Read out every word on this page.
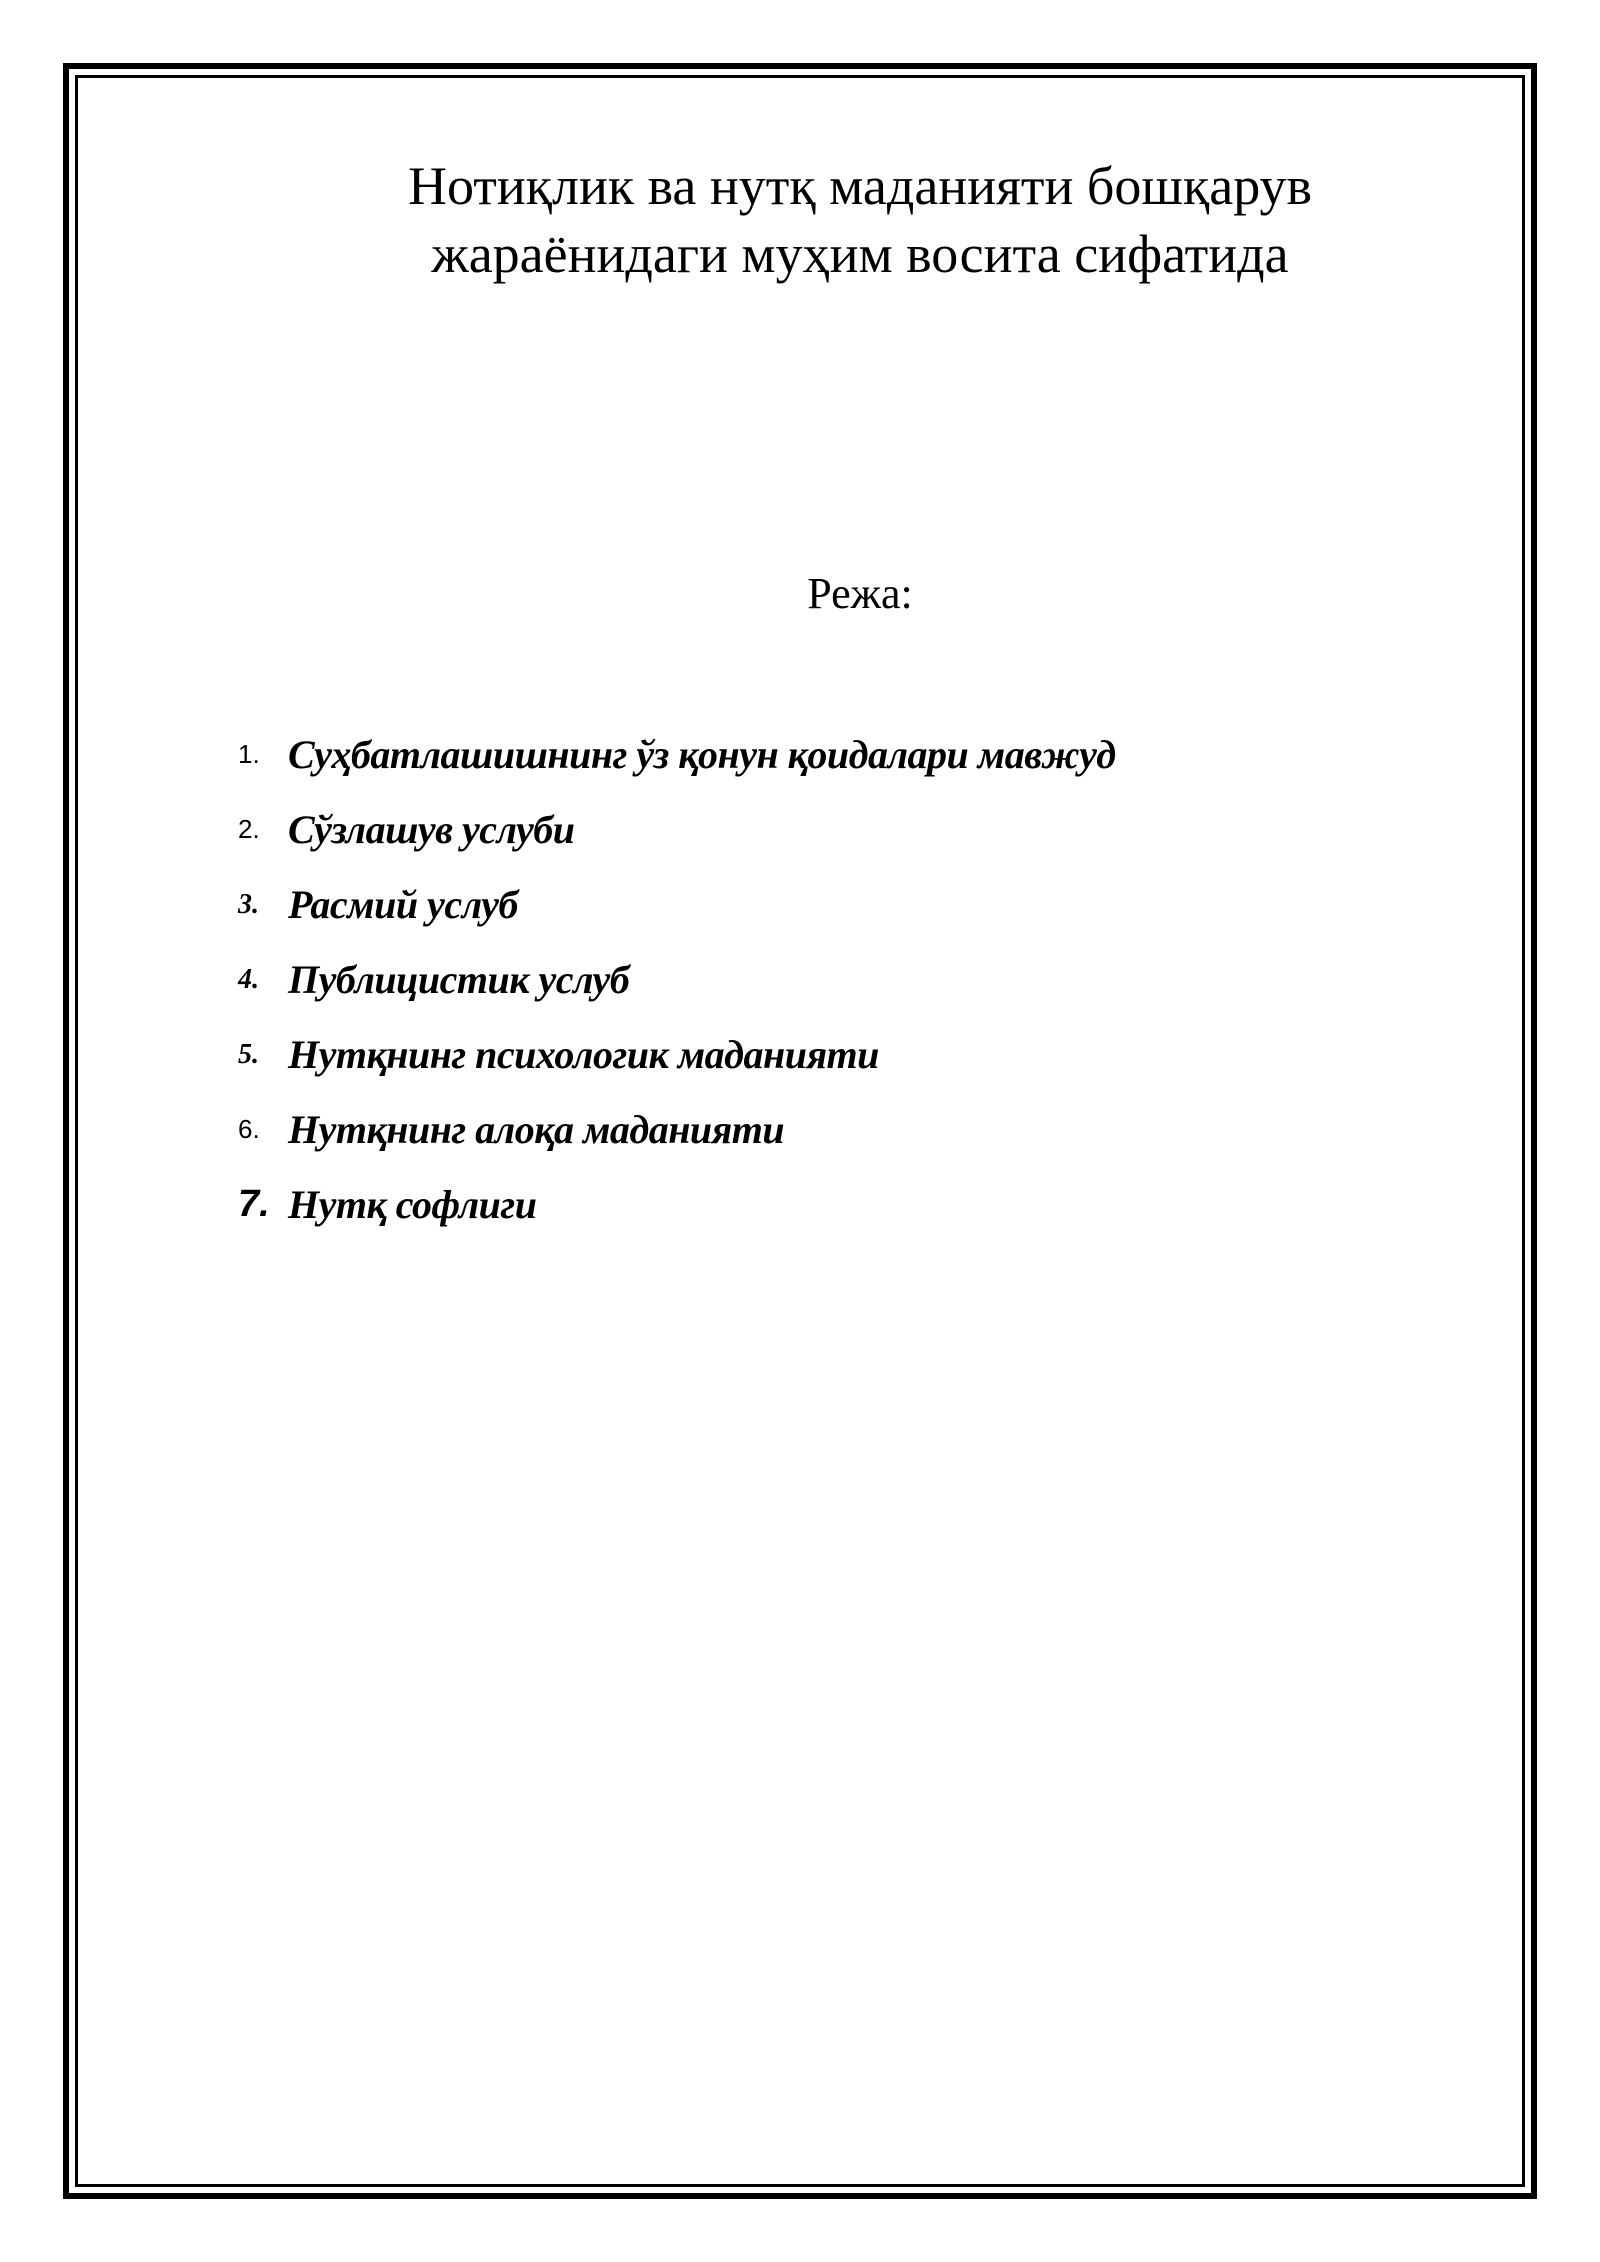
Нотиқлик ва нутқ маданияти бошқарув
жараёнидаги муҳим восита сифатида
Режа:
1. Суҳбатлашишнинг ўз қонун қоидалари мавжуд
2. Сўзлашув услуби
3. Расмий услуб
4. Публицистик услуб
5. Нутқнинг психологик маданияти
6. Нутқнинг алоқа маданияти
7. Нутқ софлиги
